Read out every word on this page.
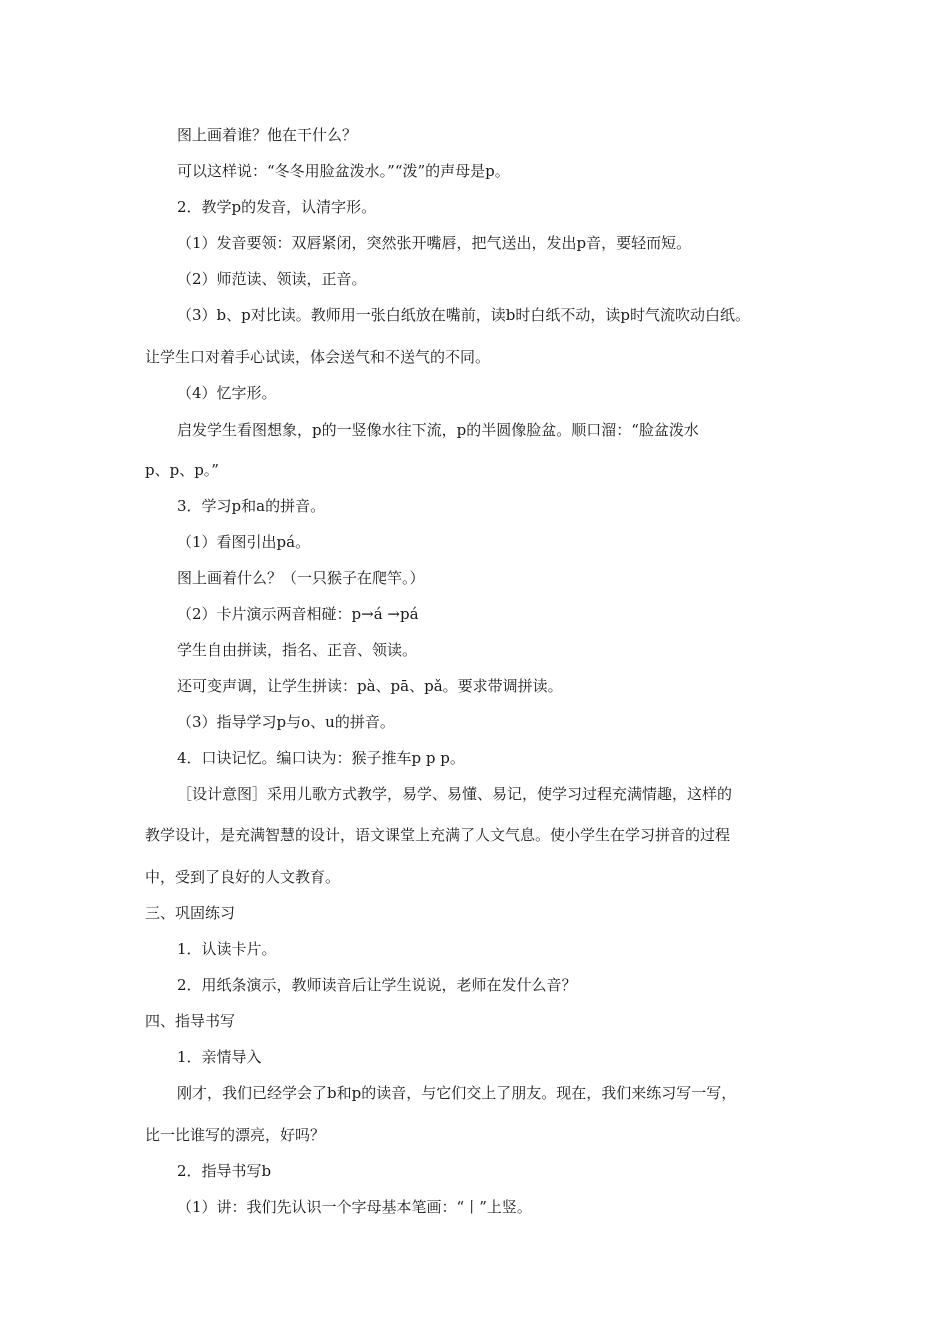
图上画着谁？他在干什么？
可以这样说：“冬冬用脸盆泼水。”“泼”的声母是p。
2．教学p的发音，认清字形。
（1）发音要领：双唇紧闭，突然张开嘴唇，把气送出，发出p音，要轻而短。
（2）师范读、领读，正音。
（3）b、p对比读。教师用一张白纸放在嘴前，读b时白纸不动，读p时气流吹动白纸。
让学生口对着手心试读，体会送气和不送气的不同。
（4）忆字形。
启发学生看图想象，p的一竖像水往下流，p的半圆像脸盆。顺口溜：“脸盆泼水
p、p、p。”
3．学习p和a的拼音。
（1）看图引出pá。
图上画着什么？（一只猴子在爬竿。）
（2）卡片演示两音相碰：p→á →pá
学生自由拼读，指名、正音、领读。
还可变声调，让学生拼读：pà、pā、pǎ。要求带调拼读。
（3）指导学习p与o、u的拼音。
4．口诀记忆。编口诀为：猴子推车p p p。
［设计意图］采用儿歌方式教学，易学、易懂、易记，使学习过程充满情趣，这样的
教学设计，是充满智慧的设计，语文课堂上充满了人文气息。使小学生在学习拼音的过程
中，受到了良好的人文教育。
三、巩固练习
1．认读卡片。
2．用纸条演示，教师读音后让学生说说，老师在发什么音？
四、指导书写
1．亲情导入
刚才，我们已经学会了b和p的读音，与它们交上了朋友。现在，我们来练习写一写，
比一比谁写的漂亮，好吗？
2．指导书写b
（1）讲：我们先认识一个字母基本笔画：“丨”上竖。
